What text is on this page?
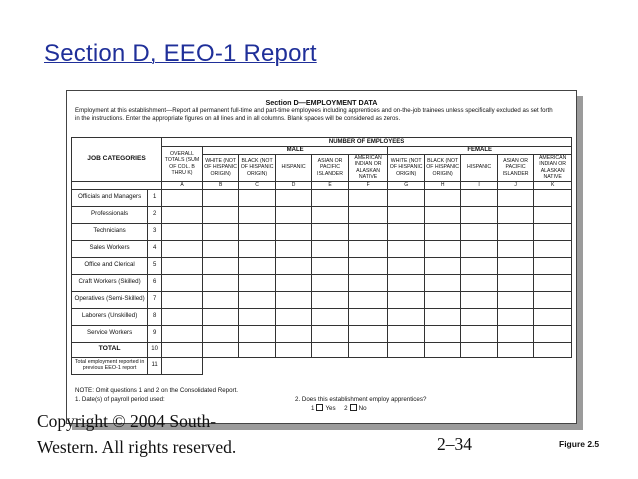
Section D, EEO-1 Report
Section D—EMPLOYMENT DATA
Employment at this establishment—Report all permanent full-time and part-time employees including apprentices and on-the-job trainees unless specifically excluded as set forth in the instructions. Enter the appropriate figures on all lines and in all columns. Blank spaces will be considered as zeros.
JOB CATEGORIES		NUMBER OF EMPLOYEES										
		OVERALL TOTALS (SUM OF COL. B THRU K)	MALE					FEMALE				
			WHITE (NOT OF HISPANIC ORIGIN)	BLACK (NOT OF HISPANIC ORIGIN)	HISPANIC	ASIAN OR PACIFIC ISLANDER	AMERICAN INDIAN OR ALASKAN NATIVE	WHITE (NOT OF HISPANIC ORIGIN)	BLACK (NOT OF HISPANIC ORIGIN)	HISPANIC	ASIAN OR PACIFIC ISLANDER	AMERICAN INDIAN OR ALASKAN NATIVE
		A	B	C	D	E	F	G	H	I	J	K
Officials and Managers	1											
Professionals	2											
Technicians	3											
Sales Workers	4											
Office and Clerical	5											
Craft Workers (Skilled)	6											
Operatives (Semi-Skilled)	7											
Laborers (Unskilled)	8											
Service Workers	9											
TOTAL	10											
Total employment reported in previous EEO-1 report	11											
NOTE: Omit questions 1 and 2 on the Consolidated Report.
1. Date(s) of payroll period used:	2. Does this establishment employ apprentices?
1 Yes 2 No
Copyright © 2004 South-
Western. All rights reserved.	2–34	Figure 2.5
